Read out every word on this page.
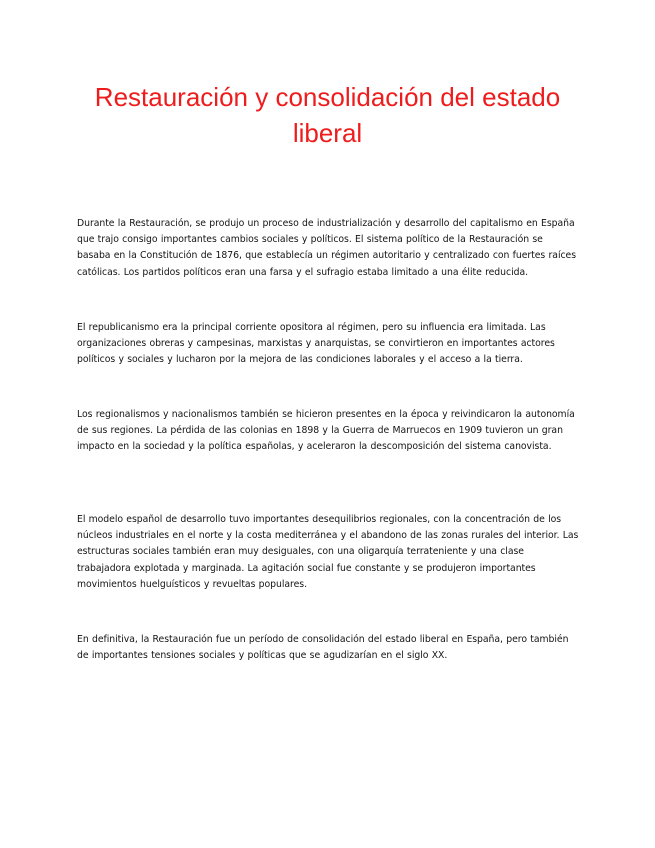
Restauración y consolidación del estado liberal

Durante la Restauración, se produjo un proceso de industrialización y desarrollo del capitalismo en España que trajo consigo importantes cambios sociales y políticos. El sistema político de la Restauración se basaba en la Constitución de 1876, que establecía un régimen autoritario y centralizado con fuertes raíces católicas. Los partidos políticos eran una farsa y el sufragio estaba limitado a una élite reducida.

El republicanismo era la principal corriente opositora al régimen, pero su influencia era limitada. Las organizaciones obreras y campesinas, marxistas y anarquistas, se convirtieron en importantes actores políticos y sociales y lucharon por la mejora de las condiciones laborales y el acceso a la tierra.

Los regionalismos y nacionalismos también se hicieron presentes en la época y reivindicaron la autonomía de sus regiones. La pérdida de las colonias en 1898 y la Guerra de Marruecos en 1909 tuvieron un gran impacto en la sociedad y la política españolas, y aceleraron la descomposición del sistema canovista.

El modelo español de desarrollo tuvo importantes desequilibrios regionales, con la concentración de los núcleos industriales en el norte y la costa mediterránea y el abandono de las zonas rurales del interior. Las estructuras sociales también eran muy desiguales, con una oligarquía terrateniente y una clase trabajadora explotada y marginada. La agitación social fue constante y se produjeron importantes movimientos huelguísticos y revueltas populares.

En definitiva, la Restauración fue un período de consolidación del estado liberal en España, pero también de importantes tensiones sociales y políticas que se agudizarían en el siglo XX.
